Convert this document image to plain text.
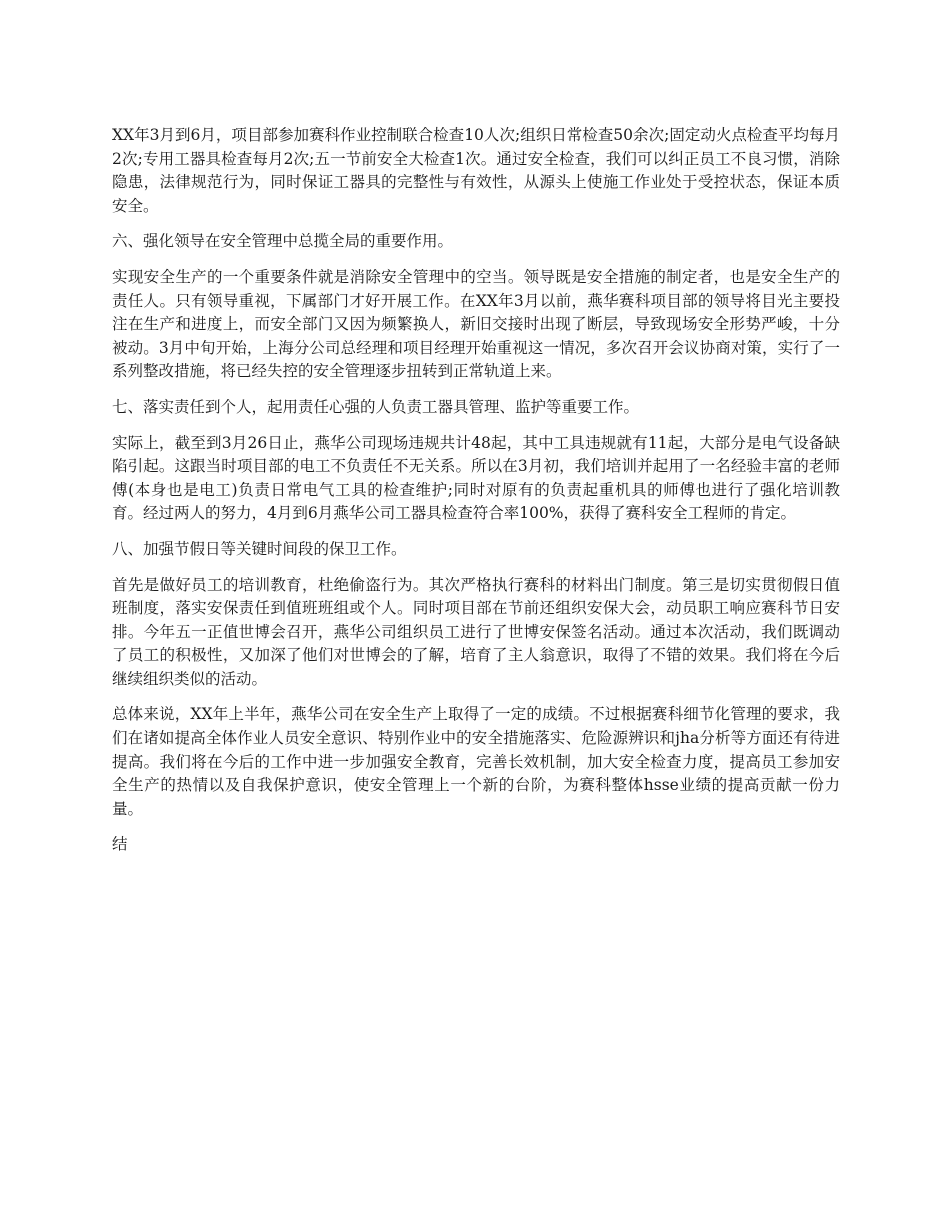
XX年3月到6月，项目部参加赛科作业控制联合检查10人次;组织日常检查50余次;固定动火点检查平均每月2次;专用工器具检查每月2次;五一节前安全大检查1次。通过安全检查，我们可以纠正员工不良习惯，消除隐患，法律规范行为，同时保证工器具的完整性与有效性，从源头上使施工作业处于受控状态，保证本质安全。

六、强化领导在安全管理中总揽全局的重要作用。

实现安全生产的一个重要条件就是消除安全管理中的空当。领导既是安全措施的制定者，也是安全生产的责任人。只有领导重视，下属部门才好开展工作。在XX年3月以前，燕华赛科项目部的领导将目光主要投注在生产和进度上，而安全部门又因为频繁换人，新旧交接时出现了断层，导致现场安全形势严峻，十分被动。3月中旬开始，上海分公司总经理和项目经理开始重视这一情况，多次召开会议协商对策，实行了一系列整改措施，将已经失控的安全管理逐步扭转到正常轨道上来。

七、落实责任到个人，起用责任心强的人负责工器具管理、监护等重要工作。

实际上，截至到3月26日止，燕华公司现场违规共计48起，其中工具违规就有11起，大部分是电气设备缺陷引起。这跟当时项目部的电工不负责任不无关系。所以在3月初，我们培训并起用了一名经验丰富的老师傅(本身也是电工)负责日常电气工具的检查维护;同时对原有的负责起重机具的师傅也进行了强化培训教育。经过两人的努力，4月到6月燕华公司工器具检查符合率100%，获得了赛科安全工程师的肯定。

八、加强节假日等关键时间段的保卫工作。

首先是做好员工的培训教育，杜绝偷盗行为。其次严格执行赛科的材料出门制度。第三是切实贯彻假日值班制度，落实安保责任到值班班组或个人。同时项目部在节前还组织安保大会，动员职工响应赛科节日安排。今年五一正值世博会召开，燕华公司组织员工进行了世博安保签名活动。通过本次活动，我们既调动了员工的积极性，又加深了他们对世博会的了解，培育了主人翁意识，取得了不错的效果。我们将在今后继续组织类似的活动。

总体来说，XX年上半年，燕华公司在安全生产上取得了一定的成绩。不过根据赛科细节化管理的要求，我们在诸如提高全体作业人员安全意识、特别作业中的安全措施落实、危险源辨识和jha分析等方面还有待进提高。我们将在今后的工作中进一步加强安全教育，完善长效机制，加大安全检查力度，提高员工参加安全生产的热情以及自我保护意识，使安全管理上一个新的台阶，为赛科整体hsse业绩的提高贡献一份力量。

结
